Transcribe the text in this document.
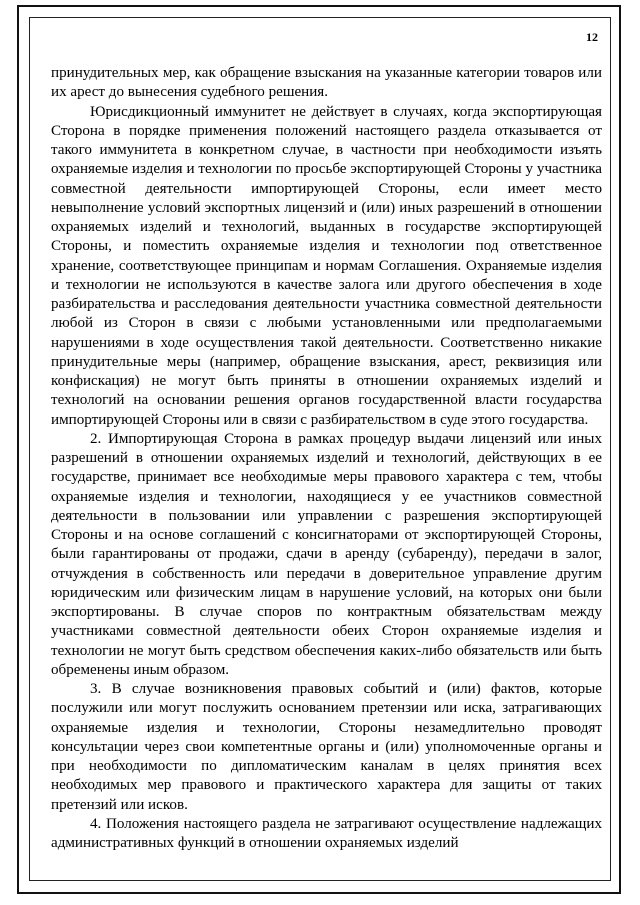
12

принудительных мер, как обращение взыскания на указанные категории товаров или их арест до вынесения судебного решения.

Юрисдикционный иммунитет не действует в случаях, когда экспортирующая Сторона в порядке применения положений настоящего раздела отказывается от такого иммунитета в конкретном случае, в частности при необходимости изъять охраняемые изделия и технологии по просьбе экспортирующей Стороны у участника совместной деятельности импортирующей Стороны, если имеет место невыполнение условий экспортных лицензий и (или) иных разрешений в отношении охраняемых изделий и технологий, выданных в государстве экспортирующей Стороны, и поместить охраняемые изделия и технологии под ответственное хранение, соответствующее принципам и нормам Соглашения. Охраняемые изделия и технологии не используются в качестве залога или другого обеспечения в ходе разбирательства и расследования деятельности участника совместной деятельности любой из Сторон в связи с любыми установленными или предполагаемыми нарушениями в ходе осуществления такой деятельности. Соответственно никакие принудительные меры (например, обращение взыскания, арест, реквизиция или конфискация) не могут быть приняты в отношении охраняемых изделий и технологий на основании решения органов государственной власти государства импортирующей Стороны или в связи с разбирательством в суде этого государства.

2. Импортирующая Сторона в рамках процедур выдачи лицензий или иных разрешений в отношении охраняемых изделий и технологий, действующих в ее государстве, принимает все необходимые меры правового характера с тем, чтобы охраняемые изделия и технологии, находящиеся у ее участников совместной деятельности в пользовании или управлении с разрешения экспортирующей Стороны и на основе соглашений с консигнаторами от экспортирующей Стороны, были гарантированы от продажи, сдачи в аренду (субаренду), передачи в залог, отчуждения в собственность или передачи в доверительное управление другим юридическим или физическим лицам в нарушение условий, на которых они были экспортированы. В случае споров по контрактным обязательствам между участниками совместной деятельности обеих Сторон охраняемые изделия и технологии не могут быть средством обеспечения каких-либо обязательств или быть обременены иным образом.

3. В случае возникновения правовых событий и (или) фактов, которые послужили или могут послужить основанием претензии или иска, затрагивающих охраняемые изделия и технологии, Стороны незамедлительно проводят консультации через свои компетентные органы и (или) уполномоченные органы и при необходимости по дипломатическим каналам в целях принятия всех необходимых мер правового и практического характера для защиты от таких претензий или исков.

4. Положения настоящего раздела не затрагивают осуществление надлежащих административных функций в отношении охраняемых изделий
